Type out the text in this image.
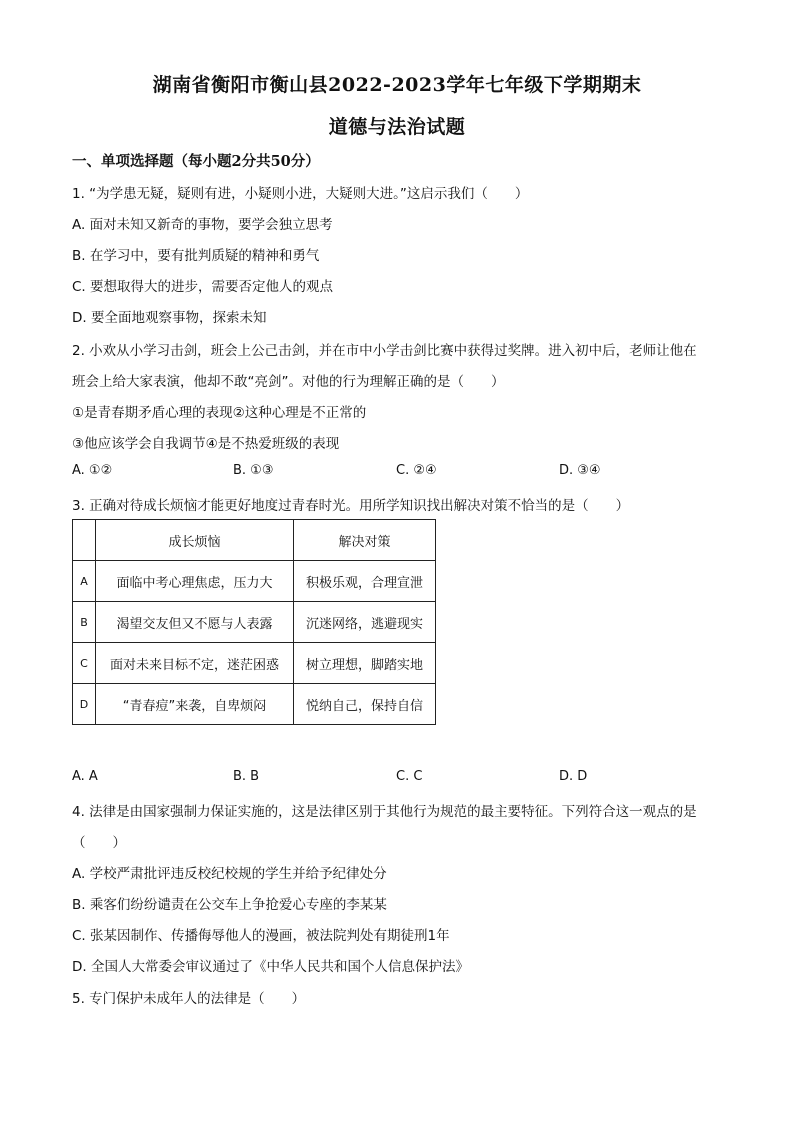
湖南省衡阳市衡山县2022-2023学年七年级下学期期末
道德与法治试题
一、单项选择题（每小题2分共50分）
1. “为学患无疑，疑则有进，小疑则小进，大疑则大进。”这启示我们（　　）
A. 面对未知又新奇的事物，要学会独立思考
B. 在学习中，要有批判质疑的精神和勇气
C. 要想取得大的进步，需要否定他人的观点
D. 要全面地观察事物，探索未知
2. 小欢从小学习击剑，班会上公己击剑，并在市中小学击剑比赛中获得过奖牌。进入初中后，老师让他在
班会上给大家表演，他却不敢“亮剑”。对他的行为理解正确的是（　　）
①是青春期矛盾心理的表现②这种心理是不正常的
③他应该学会自我调节④是不热爱班级的表现
A. ①②	B. ①③	C. ②④	D. ③④
3. 正确对待成长烦恼才能更好地度过青春时光。用所学知识找出解决对策不恰当的是（　　）
	成长烦恼	解决对策
A	面临中考心理焦虑，压力大	积极乐观，合理宣泄
B	渴望交友但又不愿与人表露	沉迷网络，逃避现实
C	面对未来目标不定，迷茫困惑	树立理想，脚踏实地
D	“青春痘”来袭，自卑烦闷	悦纳自己，保持自信
A. A	B. B	C. C	D. D
4. 法律是由国家强制力保证实施的，这是法律区别于其他行为规范的最主要特征。下列符合这一观点的是
（　　）
A. 学校严肃批评违反校纪校规的学生并给予纪律处分
B. 乘客们纷纷谴责在公交车上争抢爱心专座的李某某
C. 张某因制作、传播侮辱他人的漫画，被法院判处有期徒刑1年
D. 全国人大常委会审议通过了《中华人民共和国个人信息保护法》
5. 专门保护未成年人的法律是（　　）
